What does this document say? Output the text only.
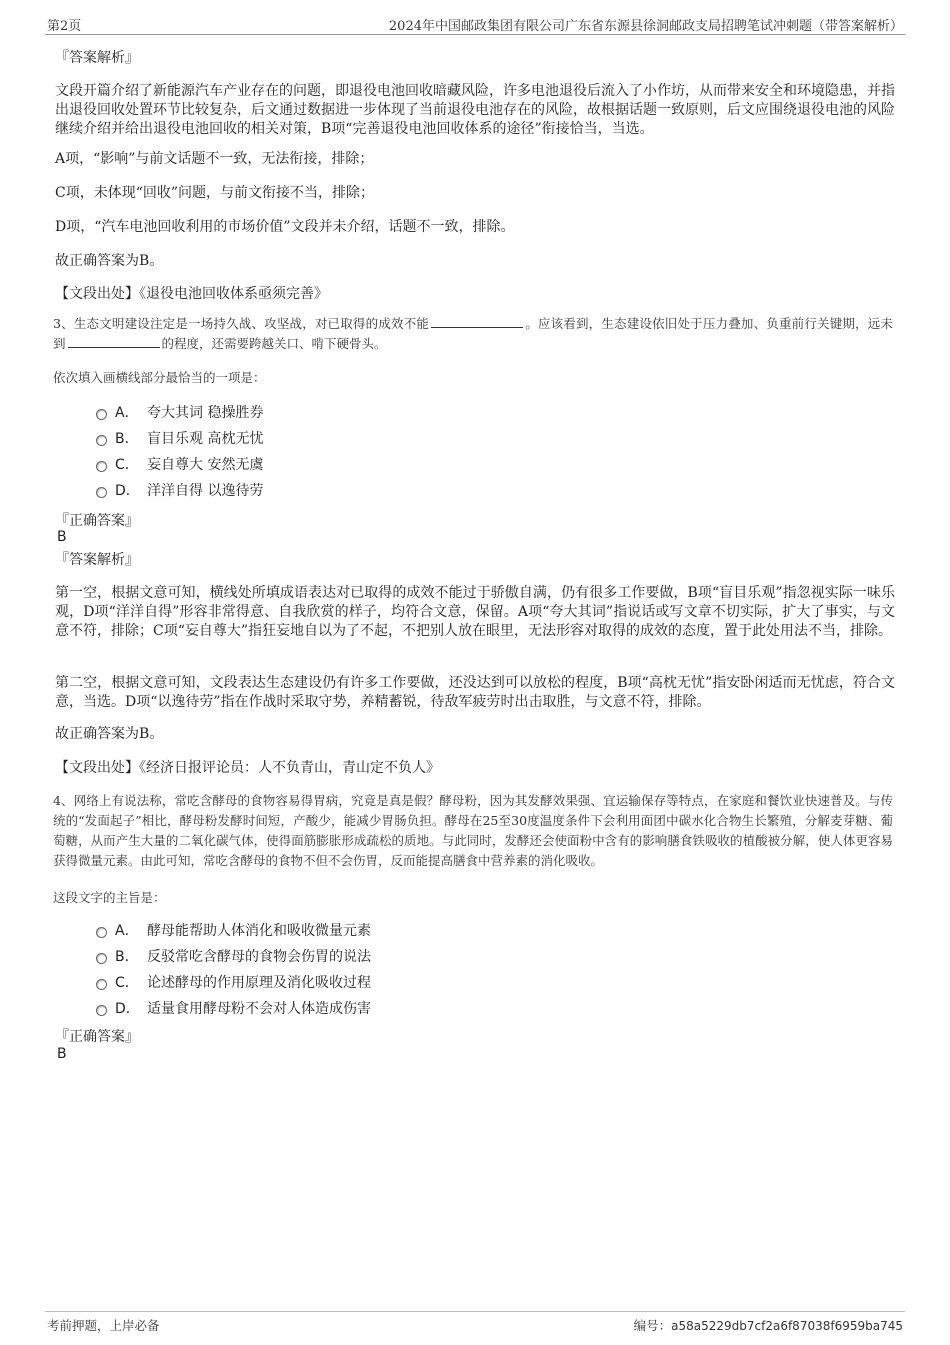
第2页	2024年中国邮政集团有限公司广东省东源县徐洞邮政支局招聘笔试冲刺题（带答案解析）
『答案解析』

文段开篇介绍了新能源汽车产业存在的问题，即退役电池回收暗藏风险，许多电池退役后流入了小作坊，从而带来安全和环境隐患，并指出退役回收处置环节比较复杂，后文通过数据进一步体现了当前退役电池存在的风险，故根据话题一致原则，后文应围绕退役电池的风险继续介绍并给出退役电池回收的相关对策，B项“完善退役电池回收体系的途径”衔接恰当，当选。

A项，“影响”与前文话题不一致，无法衔接，排除；

C项，未体现“回收”问题，与前文衔接不当，排除；

D项，“汽车电池回收利用的市场价值”文段并未介绍，话题不一致，排除。

故正确答案为B。

【文段出处】《退役电池回收体系亟须完善》

3、生态文明建设注定是一场持久战、攻坚战，对已取得的成效不能	。应该看到，生态建设依旧处于压力叠加、负重前行关键期，远未到	的程度，还需要跨越关口、啃下硬骨头。

依次填入画横线部分最恰当的一项是：

A． 夸大其词 稳操胜券
B． 盲目乐观 高枕无忧
C． 妄自尊大 安然无虞
D． 洋洋自得 以逸待劳
『正确答案』
B
『答案解析』

第一空，根据文意可知，横线处所填成语表达对已取得的成效不能过于骄傲自满，仍有很多工作要做，B项“盲目乐观”指忽视实际一味乐观，D项“洋洋自得”形容非常得意、自我欣赏的样子，均符合文意，保留。A项“夸大其词”指说话或写文章不切实际，扩大了事实，与文意不符，排除；C项“妄自尊大”指狂妄地自以为了不起，不把别人放在眼里，无法形容对取得的成效的态度，置于此处用法不当，排除。

第二空，根据文意可知，文段表达生态建设仍有许多工作要做，还没达到可以放松的程度，B项“高枕无忧”指安卧闲适而无忧虑，符合文意，当选。D项“以逸待劳”指在作战时采取守势，养精蓄锐，待敌军疲劳时出击取胜，与文意不符，排除。

故正确答案为B。

【文段出处】《经济日报评论员：人不负青山，青山定不负人》

4、网络上有说法称，常吃含酵母的食物容易得胃病，究竟是真是假？酵母粉，因为其发酵效果强、宜运输保存等特点，在家庭和餐饮业快速普及。与传统的“发面起子”相比，酵母粉发酵时间短，产酸少，能减少胃肠负担。酵母在25至30度温度条件下会利用面团中碳水化合物生长繁殖，分解麦芽糖、葡萄糖，从而产生大量的二氧化碳气体，使得面筋膨胀形成疏松的质地。与此同时，发酵还会使面粉中含有的影响膳食铁吸收的植酸被分解，使人体更容易获得微量元素。由此可知，常吃含酵母的食物不但不会伤胃，反而能提高膳食中营养素的消化吸收。

这段文字的主旨是：

A． 酵母能帮助人体消化和吸收微量元素
B． 反驳常吃含酵母的食物会伤胃的说法
C． 论述酵母的作用原理及消化吸收过程
D． 适量食用酵母粉不会对人体造成伤害
『正确答案』
B
考前押题，上岸必备	编号：a58a5229db7cf2a6f87038f6959ba745
